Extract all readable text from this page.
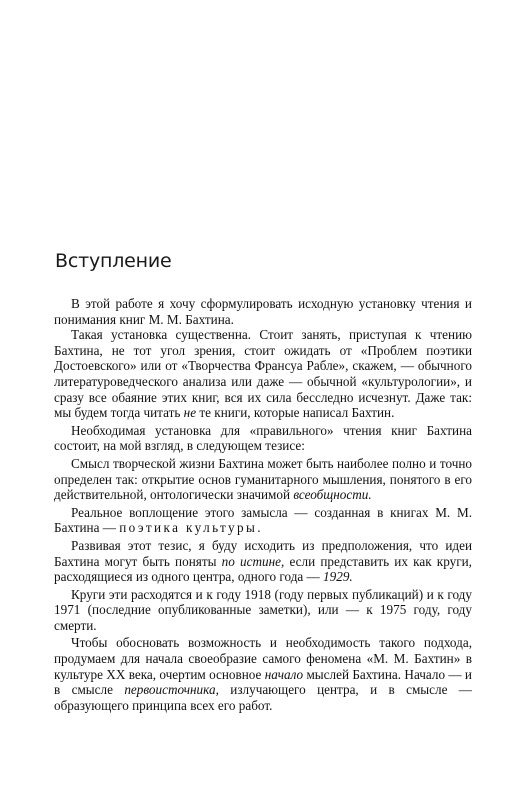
Вступление

В этой работе я хочу сформулировать исходную установку чтения и понимания книг М. М. Бахтина.

Такая установка существенна. Стоит занять, приступая к чтению Бахтина, не тот угол зрения, стоит ожидать от «Проблем поэтики Достоевского» или от «Творчества Франсуа Рабле», скажем, — обычного литературоведческого анализа или даже — обычной «культурологии», и сразу все обаяние этих книг, вся их сила бесследно исчезнут. Даже так: мы будем тогда читать не те книги, которые написал Бахтин.

Необходимая установка для «правильного» чтения книг Бахтина состоит, на мой взгляд, в следующем тезисе:

Смысл творческой жизни Бахтина может быть наиболее полно и точно определен так: открытие основ гуманитарного мышления, понятого в его действительной, онтологически значимой всеобщности.

Реальное воплощение этого замысла — созданная в книгах М. М. Бахтина — поэтика культуры.

Развивая этот тезис, я буду исходить из предположения, что идеи Бахтина могут быть поняты по истине, если представить их как круги, расходящиеся из одного центра, одного года — 1929.

Круги эти расходятся и к году 1918 (году первых публикаций) и к году 1971 (последние опубликованные заметки), или — к 1975 году, году смерти.

Чтобы обосновать возможность и необходимость такого подхода, продумаем для начала своеобразие самого феномена «М. М. Бахтин» в культуре XX века, очертим основное начало мыслей Бахтина. Начало — и в смысле первоисточника, излучающего центра, и в смысле — образующего принципа всех его работ.
